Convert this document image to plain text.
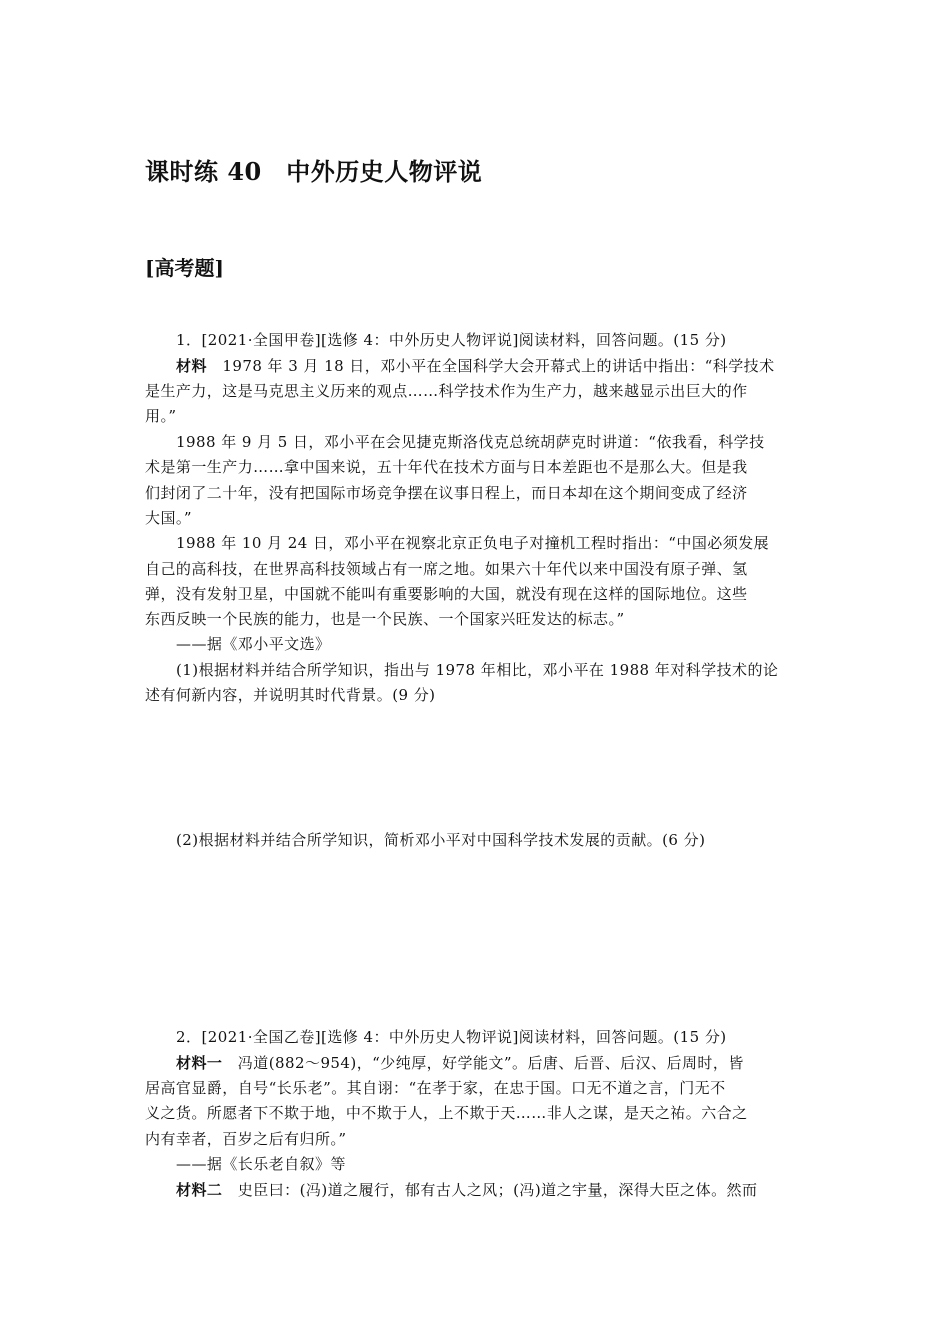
课时练 40　中外历史人物评说
[高考题]
1．[2021·全国甲卷][选修 4：中外历史人物评说]阅读材料，回答问题。(15 分)
材料　1978 年 3 月 18 日，邓小平在全国科学大会开幕式上的讲话中指出：“科学技术
是生产力，这是马克思主义历来的观点……科学技术作为生产力，越来越显示出巨大的作
用。”
1988 年 9 月 5 日，邓小平在会见捷克斯洛伐克总统胡萨克时讲道：“依我看，科学技
术是第一生产力……拿中国来说，五十年代在技术方面与日本差距也不是那么大。但是我
们封闭了二十年，没有把国际市场竞争摆在议事日程上，而日本却在这个期间变成了经济
大国。”
1988 年 10 月 24 日，邓小平在视察北京正负电子对撞机工程时指出：“中国必须发展
自己的高科技，在世界高科技领域占有一席之地。如果六十年代以来中国没有原子弹、氢
弹，没有发射卫星，中国就不能叫有重要影响的大国，就没有现在这样的国际地位。这些
东西反映一个民族的能力，也是一个民族、一个国家兴旺发达的标志。”
——据《邓小平文选》
(1)根据材料并结合所学知识，指出与 1978 年相比，邓小平在 1988 年对科学技术的论
述有何新内容，并说明其时代背景。(9 分)
(2)根据材料并结合所学知识，简析邓小平对中国科学技术发展的贡献。(6 分)
2．[2021·全国乙卷][选修 4：中外历史人物评说]阅读材料，回答问题。(15 分)
材料一　冯道(882～954)，“少纯厚，好学能文”。后唐、后晋、后汉、后周时，皆
居高官显爵，自号“长乐老”。其自诩：“在孝于家，在忠于国。口无不道之言，门无不
义之货。所愿者下不欺于地，中不欺于人，上不欺于天……非人之谋，是天之祐。六合之
内有幸者，百岁之后有归所。”
——据《长乐老自叙》等
材料二　史臣曰：(冯)道之履行，郁有古人之风；(冯)道之宇量，深得大臣之体。然而
